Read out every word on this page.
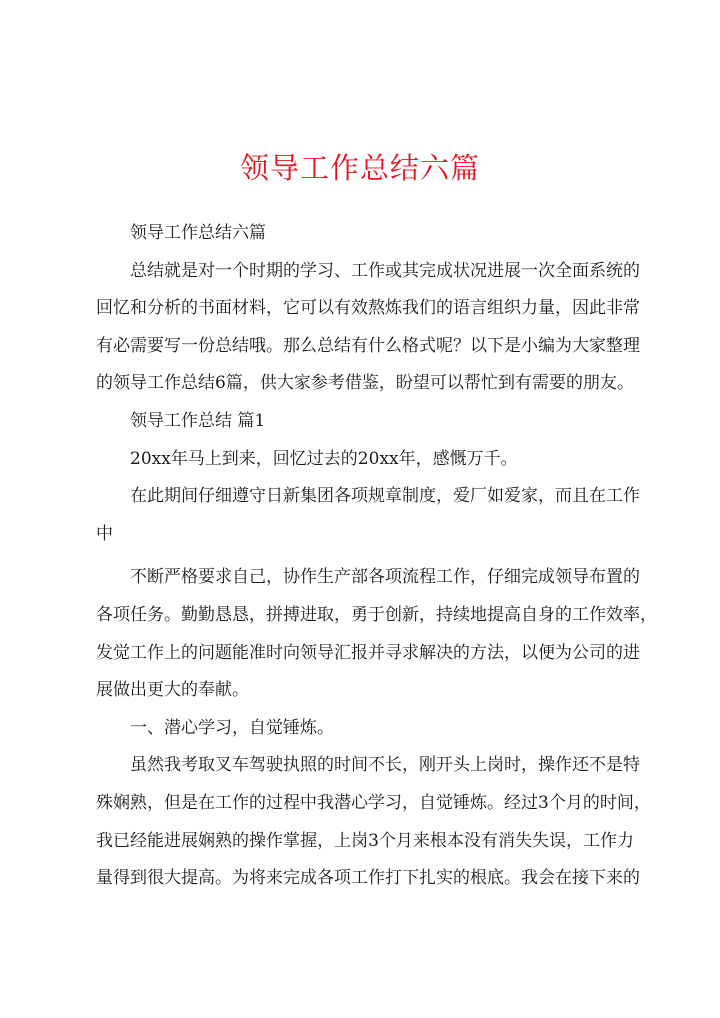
领导工作总结六篇
领导工作总结六篇
总结就是对一个时期的学习、工作或其完成状况进展一次全面系统的
回忆和分析的书面材料，它可以有效熬炼我们的语言组织力量，因此非常
有必需要写一份总结哦。那么总结有什么格式呢？以下是小编为大家整理
的领导工作总结6篇，供大家参考借鉴，盼望可以帮忙到有需要的朋友。
领导工作总结 篇1
20xx年马上到来，回忆过去的20xx年，感慨万千。
在此期间仔细遵守日新集团各项规章制度，爱厂如爱家，而且在工作
中
不断严格要求自己，协作生产部各项流程工作，仔细完成领导布置的
各项任务。勤勤恳恳，拼搏进取，勇于创新，持续地提高自身的工作效率，
发觉工作上的问题能准时向领导汇报并寻求解决的方法，以便为公司的进
展做出更大的奉献。
一、潜心学习，自觉锤炼。
虽然我考取叉车驾驶执照的时间不长，刚开头上岗时，操作还不是特
殊娴熟，但是在工作的过程中我潜心学习，自觉锤炼。经过3个月的时间，
我已经能进展娴熟的操作掌握，上岗3个月来根本没有消失失误，工作力
量得到很大提高。为将来完成各项工作打下扎实的根底。我会在接下来的
